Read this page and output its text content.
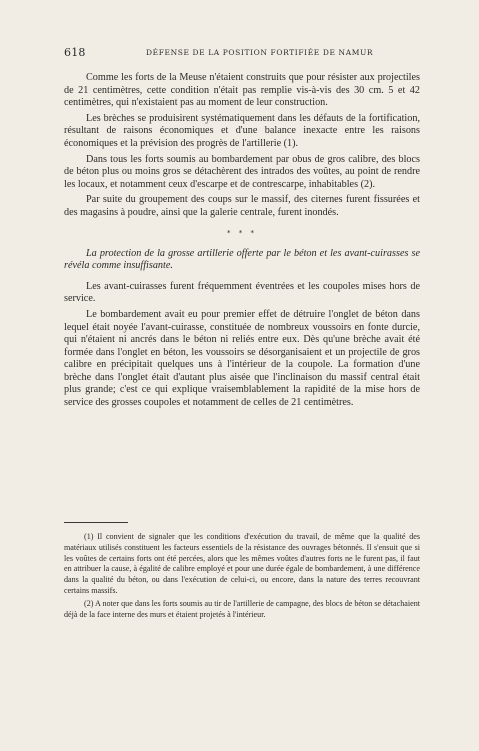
618	DÉFENSE DE LA POSITION FORTIFIÉE DE NAMUR

Comme les forts de la Meuse n'étaient construits que pour résister aux projectiles de 21 centimètres, cette condition n'était pas remplie vis-à-vis des 30 cm. 5 et 42 centimètres, qui n'existaient pas au moment de leur construction.

Les brèches se produisirent systématiquement dans les défauts de la fortification, résultant de raisons économiques et d'une balance inexacte entre les raisons économiques et la prévision des progrès de l'artillerie (1).

Dans tous les forts soumis au bombardement par obus de gros calibre, des blocs de béton plus ou moins gros se détachèrent des intrados des voûtes, au point de rendre les locaux, et notamment ceux d'escarpe et de contrescarpe, inhabitables (2).

Par suite du groupement des coups sur le massif, des citernes furent fissurées et des magasins à poudre, ainsi que la galerie centrale, furent inondés.

* * *

La protection de la grosse artillerie offerte par le béton et les avant-cuirasses se révéla comme insuffisante.

Les avant-cuirasses furent fréquemment éventrées et les coupoles mises hors de service.

Le bombardement avait eu pour premier effet de détruire l'onglet de béton dans lequel était noyée l'avant-cuirasse, constituée de nombreux voussoirs en fonte durcie, qui n'étaient ni ancrés dans le béton ni reliés entre eux. Dès qu'une brèche avait été formée dans l'onglet en béton, les voussoirs se désorganisaient et un projectile de gros calibre en précipitait quelques uns à l'intérieur de la coupole. La formation d'une brèche dans l'onglet était d'autant plus aisée que l'inclinaison du massif central était plus grande; c'est ce qui explique vraisemblablement la rapidité de la mise hors de service des grosses coupoles et notamment de celles de 21 centimètres.

(1) Il convient de signaler que les conditions d'exécution du travail, de même que la qualité des matériaux utilisés constituent les facteurs essentiels de la résistance des ouvrages bétonnés. Il s'ensuit que si les voûtes de certains forts ont été percées, alors que les mêmes voûtes d'autres forts ne le furent pas, il faut en attribuer la cause, à égalité de calibre employé et pour une durée égale de bombardement, à une différence dans la qualité du béton, ou dans l'exécution de celui-ci, ou encore, dans la nature des terres recouvrant certains massifs.

(2) A noter que dans les forts soumis au tir de l'artillerie de campagne, des blocs de béton se détachaient déjà de la face interne des murs et étaient projetés à l'intérieur.
